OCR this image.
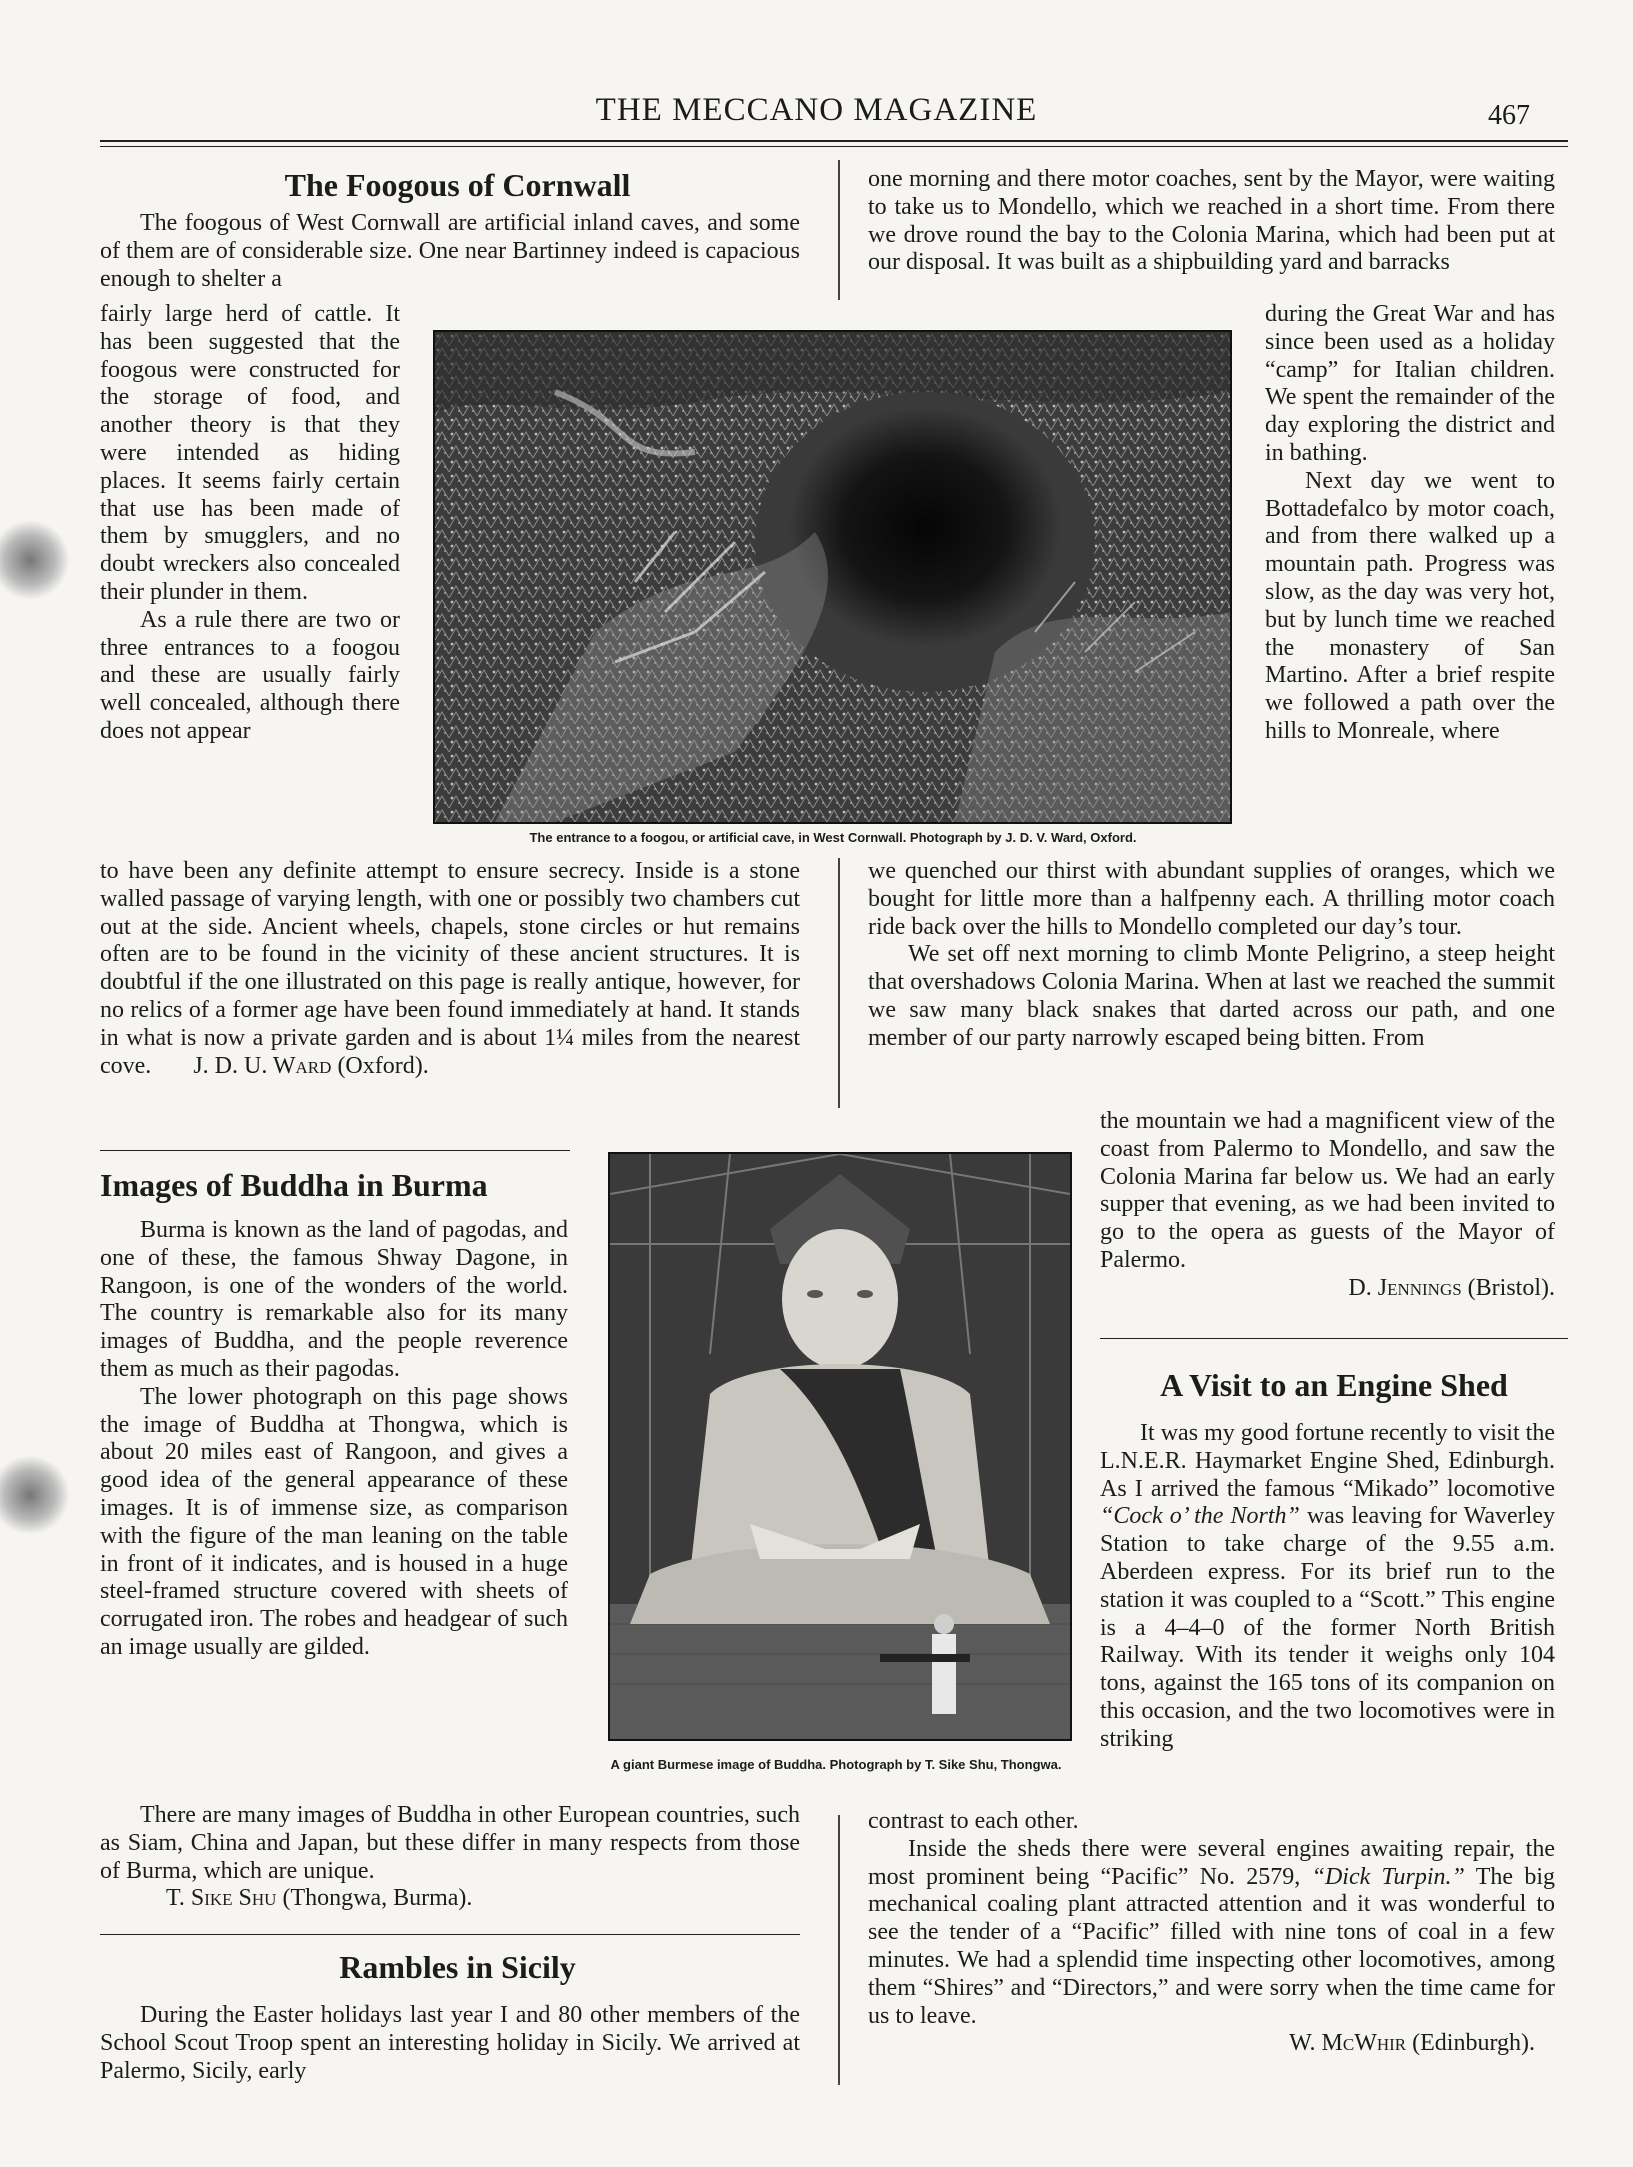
THE MECCANO MAGAZINE	467
The Foogous of Cornwall
The foogous of West Cornwall are artificial inland caves, and some of them are of considerable size. One near Bartinney indeed is capacious enough to shelter a

fairly large herd of cattle. It has been suggested that the foogous were constructed for the storage of food, and another theory is that they were intended as hiding places. It seems fairly certain that use has been made of them by smugglers, and no doubt wreckers also concealed their plunder in them.

As a rule there are two or three entrances to a foogou and these are usually fairly well concealed, although there does not appear

to have been any definite attempt to ensure secrecy. Inside is a stone walled passage of varying length, with one or possibly two chambers cut out at the side. Ancient wheels, chapels, stone circles or hut remains often are to be found in the vicinity of these ancient structures. It is doubtful if the one illustrated on this page is really antique, however, for no relics of a former age have been found immediately at hand. It stands in what is now a private garden and is about 1¼ miles from the nearest cove. J. D. U. Ward (Oxford).
The entrance to a foogou, or artificial cave, in West Cornwall. Photograph by J. D. V. Ward, Oxford.
Images of Buddha in Burma

Burma is known as the land of pagodas, and one of these, the famous Shway Dagone, in Rangoon, is one of the wonders of the world. The country is remarkable also for its many images of Buddha, and the people reverence them as much as their pagodas.

The lower photograph on this page shows the image of Buddha at Thongwa, which is about 20 miles east of Rangoon, and gives a good idea of the general appearance of these images. It is of immense size, as comparison with the figure of the man leaning on the table in front of it indicates, and is housed in a huge steel-framed structure covered with sheets of corrugated iron. The robes and headgear of such an image usually are gilded.

There are many images of Buddha in other European countries, such as Siam, China and Japan, but these differ in many respects from those of Burma, which are unique.  T. Sike Shu (Thongwa, Burma).
A giant Burmese image of Buddha. Photograph by T. Sike Shu, Thongwa.
Rambles in Sicily
During the Easter holidays last year I and 80 other members of the School Scout Troop spent an interesting holiday in Sicily. We arrived at Palermo, Sicily, early
one morning and there motor coaches, sent by the Mayor, were waiting to take us to Mondello, which we reached in a short time. From there we drove round the bay to the Colonia Marina, which had been put at our disposal. It was built as a shipbuilding yard and barracks

during the Great War and has since been used as a holiday “camp” for Italian children. We spent the remainder of the day exploring the district and in bathing.

Next day we went to Bottadefalco by motor coach, and from there walked up a mountain path. Progress was slow, as the day was very hot, but by lunch time we reached the monastery of San Martino. After a brief respite we followed a path over the hills to Monreale, where

we quenched our thirst with abundant supplies of oranges, which we bought for little more than a halfpenny each. A thrilling motor coach ride back over the hills to Mondello completed our day’s tour.

We set off next morning to climb Monte Peligrino, a steep height that overshadows Colonia Marina. When at last we reached the summit we saw many black snakes that darted across our path, and one member of our party narrowly escaped being bitten. From

the mountain we had a magnificent view of the coast from Palermo to Mondello, and saw the Colonia Marina far below us. We had an early supper that evening, as we had been invited to go to the opera as guests of the Mayor of Palermo.

D. Jennings (Bristol).

A Visit to an Engine Shed
It was my good fortune recently to visit the L.N.E.R. Haymarket Engine Shed, Edinburgh. As I arrived the famous “Mikado” locomotive “Cock o’ the North” was leaving for Waverley Station to take charge of the 9.55 a.m. Aberdeen express. For its brief run to the station it was coupled to a “Scott.” This engine is a 4–4–0 of the former North British Railway. With its tender it weighs only 104 tons, against the 165 tons of its companion on this occasion, and the two locomotives were in striking

contrast to each other.

Inside the sheds there were several engines awaiting repair, the most prominent being “Pacific” No. 2579, “Dick Turpin.” The big mechanical coaling plant attracted attention and it was wonderful to see the tender of a “Pacific” filled with nine tons of coal in a few minutes. We had a splendid time inspecting other locomotives, among them “Shires” and “Directors,” and were sorry when the time came for us to leave.

W. McWhir (Edinburgh).
